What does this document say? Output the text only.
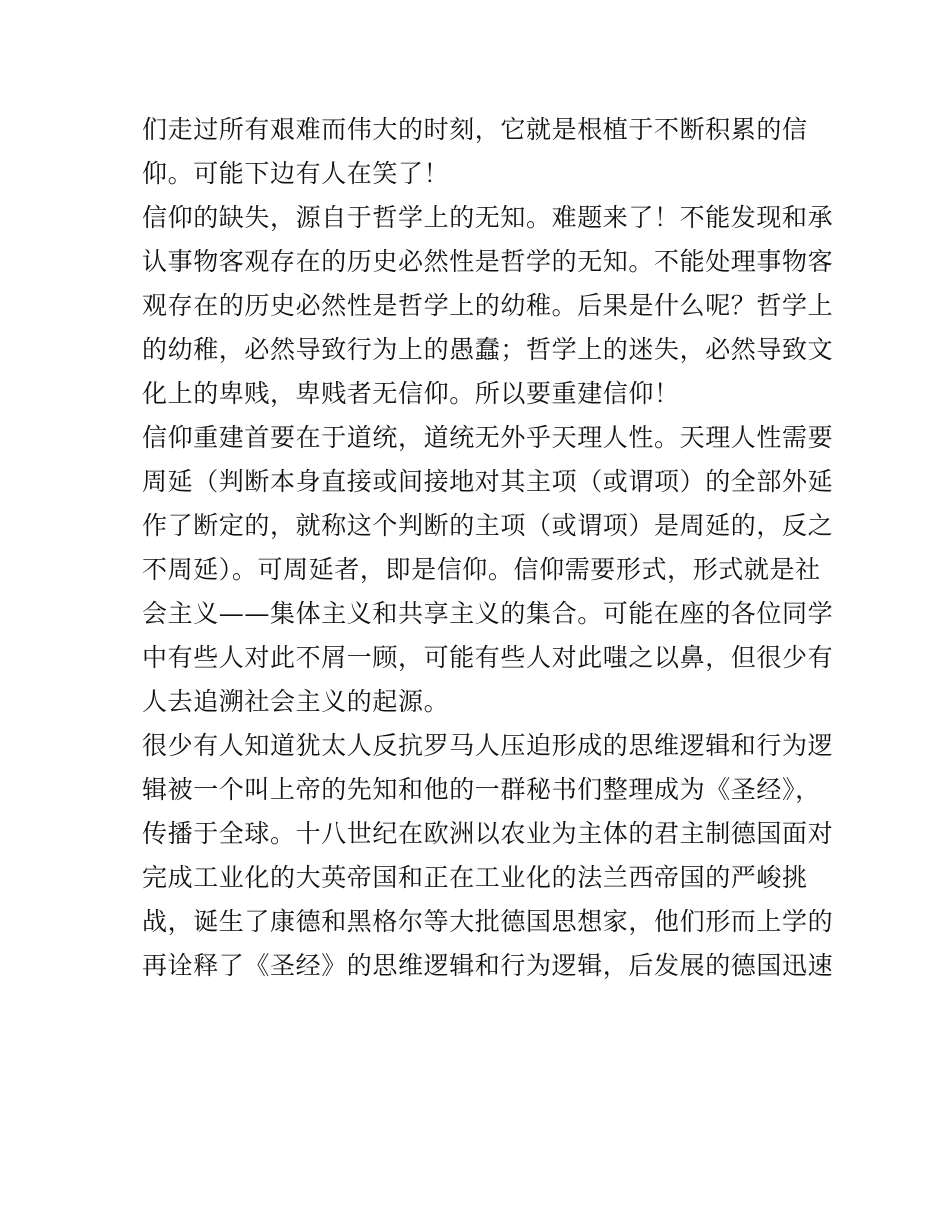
们走过所有艰难而伟大的时刻，它就是根植于不断积累的信
仰。可能下边有人在笑了！
信仰的缺失，源自于哲学上的无知。难题来了！不能发现和承
认事物客观存在的历史必然性是哲学的无知。不能处理事物客
观存在的历史必然性是哲学上的幼稚。后果是什么呢？哲学上
的幼稚，必然导致行为上的愚蠢；哲学上的迷失，必然导致文
化上的卑贱，卑贱者无信仰。所以要重建信仰！
信仰重建首要在于道统，道统无外乎天理人性。天理人性需要
周延（判断本身直接或间接地对其主项（或谓项）的全部外延
作了断定的，就称这个判断的主项（或谓项）是周延的，反之
不周延）。可周延者，即是信仰。信仰需要形式，形式就是社
会主义——集体主义和共享主义的集合。可能在座的各位同学
中有些人对此不屑一顾，可能有些人对此嗤之以鼻，但很少有
人去追溯社会主义的起源。
很少有人知道犹太人反抗罗马人压迫形成的思维逻辑和行为逻
辑被一个叫上帝的先知和他的一群秘书们整理成为《圣经》，
传播于全球。十八世纪在欧洲以农业为主体的君主制德国面对
完成工业化的大英帝国和正在工业化的法兰西帝国的严峻挑
战，诞生了康德和黑格尔等大批德国思想家，他们形而上学的
再诠释了《圣经》的思维逻辑和行为逻辑，后发展的德国迅速
